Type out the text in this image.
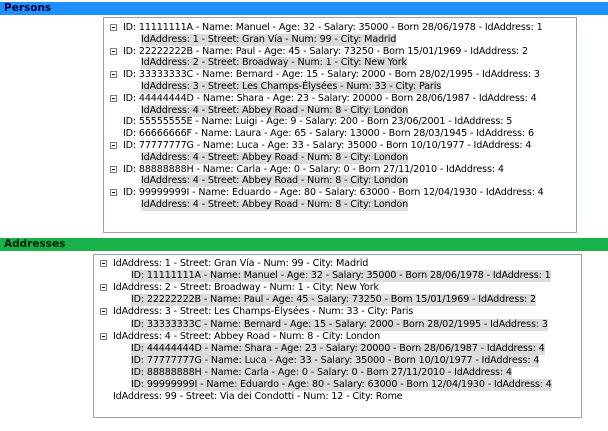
Persons
ID: 11111111A - Name: Manuel - Age: 32 - Salary: 35000 - Born 28/06/1978 - IdAddress: 1
IdAddress: 1 - Street: Gran Vía - Num: 99 - City: Madrid
ID: 22222222B - Name: Paul - Age: 45 - Salary: 73250 - Born 15/01/1969 - IdAddress: 2
IdAddress: 2 - Street: Broadway - Num: 1 - City: New York
ID: 33333333C - Name: Bernard - Age: 15 - Salary: 2000 - Born 28/02/1995 - IdAddress: 3
IdAddress: 3 - Street: Les Champs-Élysées - Num: 33 - City: Paris
ID: 44444444D - Name: Shara - Age: 23 - Salary: 20000 - Born 28/06/1987 - IdAddress: 4
IdAddress: 4 - Street: Abbey Road - Num: 8 - City: London
ID: 55555555E - Name: Luigi - Age: 9 - Salary: 200 - Born 23/06/2001 - IdAddress: 5
ID: 66666666F - Name: Laura - Age: 65 - Salary: 13000 - Born 28/03/1945 - IdAddress: 6
ID: 77777777G - Name: Luca - Age: 33 - Salary: 35000 - Born 10/10/1977 - IdAddress: 4
IdAddress: 4 - Street: Abbey Road - Num: 8 - City: London
ID: 88888888H - Name: Carla - Age: 0 - Salary: 0 - Born 27/11/2010 - IdAddress: 4
IdAddress: 4 - Street: Abbey Road - Num: 8 - City: London
ID: 99999999I - Name: Eduardo - Age: 80 - Salary: 63000 - Born 12/04/1930 - IdAddress: 4
IdAddress: 4 - Street: Abbey Road - Num: 8 - City: London
Addresses
IdAddress: 1 - Street: Gran Vía - Num: 99 - City: Madrid
ID: 11111111A - Name: Manuel - Age: 32 - Salary: 35000 - Born 28/06/1978 - IdAddress: 1
IdAddress: 2 - Street: Broadway - Num: 1 - City: New York
ID: 22222222B - Name: Paul - Age: 45 - Salary: 73250 - Born 15/01/1969 - IdAddress: 2
IdAddress: 3 - Street: Les Champs-Élysées - Num: 33 - City: Paris
ID: 33333333C - Name: Bernard - Age: 15 - Salary: 2000 - Born 28/02/1995 - IdAddress: 3
IdAddress: 4 - Street: Abbey Road - Num: 8 - City: London
ID: 44444444D - Name: Shara - Age: 23 - Salary: 20000 - Born 28/06/1987 - IdAddress: 4
ID: 77777777G - Name: Luca - Age: 33 - Salary: 35000 - Born 10/10/1977 - IdAddress: 4
ID: 88888888H - Name: Carla - Age: 0 - Salary: 0 - Born 27/11/2010 - IdAddress: 4
ID: 99999999I - Name: Eduardo - Age: 80 - Salary: 63000 - Born 12/04/1930 - IdAddress: 4
IdAddress: 99 - Street: Via dei Condotti - Num: 12 - City: Rome
